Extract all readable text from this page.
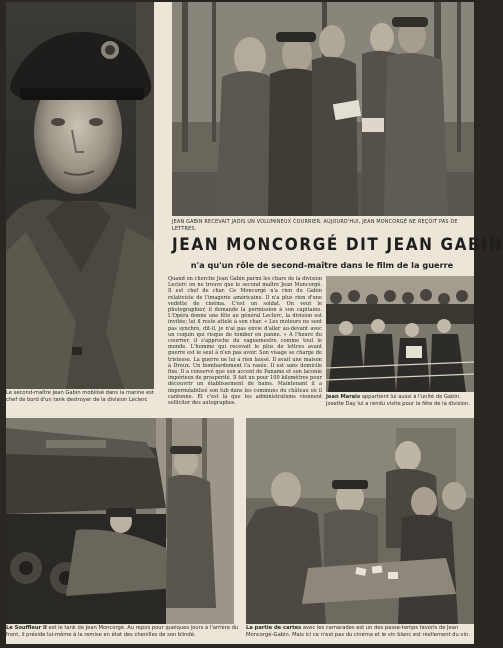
Le second-maître Jean Gabin mobilisé dans la marine est chef de bord d'un tank destroyer de la division Leclerc
JEAN GABIN RECEVAIT JADIS UN VOLUMINEUX COURRIER. AUJOURD'HUI, JEAN MONCORGÉ NE REÇOIT PAS DE LETTRES.
JEAN MONCORGÉ DIT JEAN GABIN
n'a qu'un rôle de second-maître dans le film de la guerre
Quand on cherche Jean Gabin parmi les chars de la division Leclerc on ne trouve que le second maître Jean Moncorgé. Il est chef de char. Ce Moncorgé n'a rien du Gabin relativiste de l'imagerie américaine. Il n'a plus rien d'une vedette de cinéma. C'est un soldat. On veut le photographier, il demande la permission à son capitaine. L'Opéra donne une fête au général Leclerc, la division est invitée; lui il reste attelé à son char. « Les moteurs ne sont pas synchro, dit-il, je n'ai pas envie d'aller au-devant avec un coquin qui risque de tomber en panne. » À l'heure du courrier, il s'approche du vaguemestre comme tout le monde. L'homme qui recevait le plus de lettres avant guerre est le seul à n'en pas avoir. Son visage se charge de tristesse. La guerre ne lui a rien laissé. Il avait une maison à Dreux. Un bombardement l'a rasée. Il est sans domicile fixe. Il a conservé que son accent de Paname et son laconie impérieux de prospérité. Il fait un pour 100 kilomètres pour découvrir un établissement de bains. Maintenant il a imperméabilisé son tub dans les communs du château où il cantonne. Et c'est là que les administrations viennent solliciter des autographes.
Jean Marais appartient lui aussi à l'unité de Gabin. Josette Day lui a rendu visite pour la fête de la division.
Le Souffleur II est le tank de Jean Moncorgé. Au repos pour quelques jours à l'arrière du front, il préside lui-même à la remise en état des chenilles de son blindé.
La partie de cartes avec les camarades est un des passe-temps favoris de Jean Moncorgé-Gabin. Mais ici ce n'est pas du cinéma et le vin blanc est réellement du vin.
